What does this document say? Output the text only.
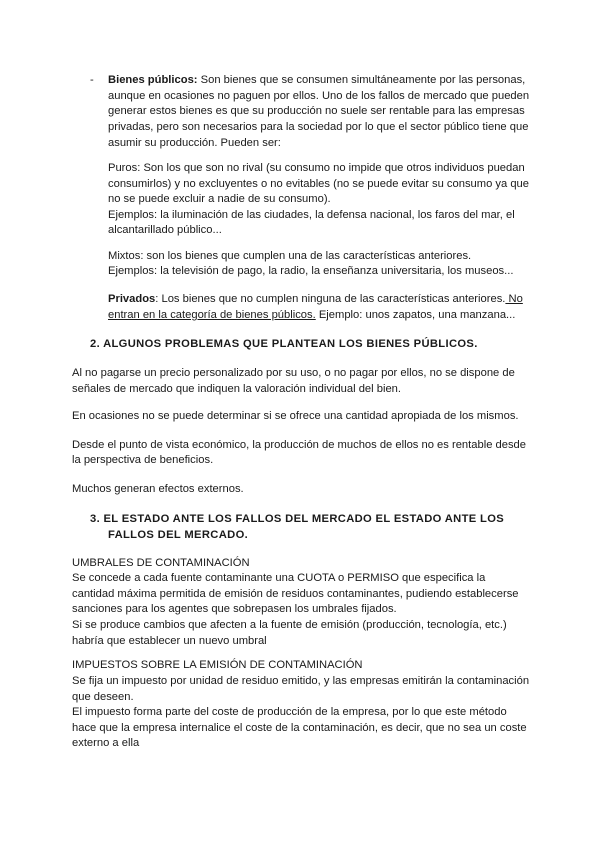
- Bienes públicos: Son bienes que se consumen simultáneamente por las personas,

aunque en ocasiones no paguen por ellos. Uno de los fallos de mercado que pueden

generar estos bienes es que su producción no suele ser rentable para las empresas

privadas, pero son necesarios para la sociedad por lo que el sector público tiene que

asumir su producción. Pueden ser:

Puros: Son los que son no rival (su consumo no impide que otros individuos puedan

consumirlos) y no excluyentes o no evitables (no se puede evitar su consumo ya que

no se puede excluir a nadie de su consumo).

Ejemplos: la iluminación de las ciudades, la defensa nacional, los faros del mar, el

alcantarillado público...

Mixtos: son los bienes que cumplen una de las características anteriores.

Ejemplos: la televisión de pago, la radio, la enseñanza universitaria, los museos...

Privados: Los bienes que no cumplen ninguna de las características anteriores. No

entran en la categoría de bienes públicos. Ejemplo: unos zapatos, una manzana...

2. ALGUNOS PROBLEMAS QUE PLANTEAN LOS BIENES PÚBLICOS.

Al no pagarse un precio personalizado por su uso, o no pagar por ellos, no se dispone de

señales de mercado que indiquen la valoración individual del bien.

En ocasiones no se puede determinar si se ofrece una cantidad apropiada de los mismos.

Desde el punto de vista económico, la producción de muchos de ellos no es rentable desde

la perspectiva de beneficios.

Muchos generan efectos externos.

3. EL ESTADO ANTE LOS FALLOS DEL MERCADO EL ESTADO ANTE LOS

FALLOS DEL MERCADO.

UMBRALES DE CONTAMINACIÓN

Se concede a cada fuente contaminante una CUOTA o PERMISO que especifica la

cantidad máxima permitida de emisión de residuos contaminantes, pudiendo establecerse

sanciones para los agentes que sobrepasen los umbrales fijados.

Si se produce cambios que afecten a la fuente de emisión (producción, tecnología, etc.)

habría que establecer un nuevo umbral

IMPUESTOS SOBRE LA EMISIÓN DE CONTAMINACIÓN

Se fija un impuesto por unidad de residuo emitido, y las empresas emitirán la contaminación

que deseen.

El impuesto forma parte del coste de producción de la empresa, por lo que este método

hace que la empresa internalice el coste de la contaminación, es decir, que no sea un coste

externo a ella
